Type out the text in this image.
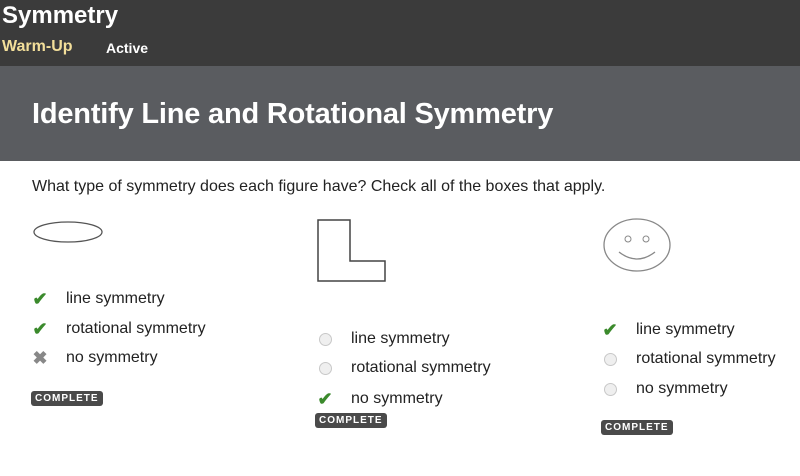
Symmetry
Warm-Up Active
Identify Line and Rotational Symmetry
What type of symmetry does each figure have? Check all of the boxes that apply.
✔ line symmetry
✔ rotational symmetry
✖ no symmetry
COMPLETE
line symmetry
rotational symmetry
✔ no symmetry
COMPLETE
✔ line symmetry
rotational symmetry
no symmetry
COMPLETE
